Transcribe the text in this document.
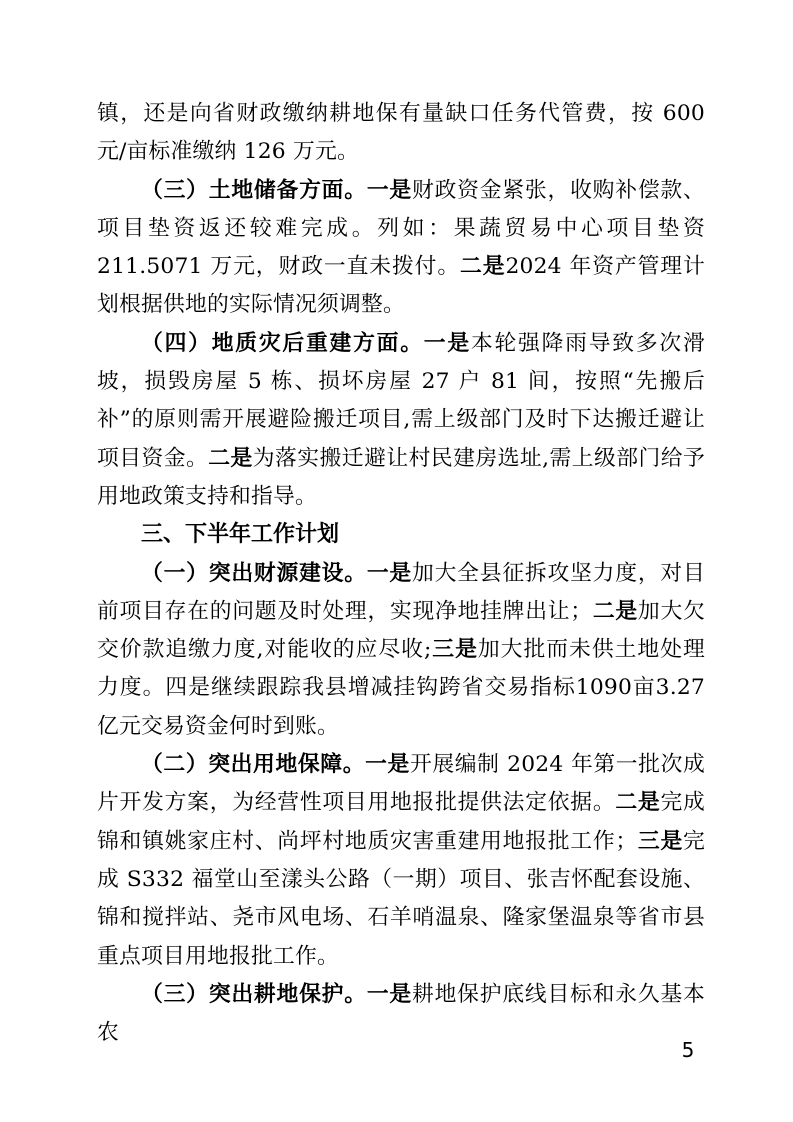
镇，还是向省财政缴纳耕地保有量缺口任务代管费，按 600 元/亩标准缴纳 126 万元。

（三）土地储备方面。一是财政资金紧张，收购补偿款、项目垫资返还较难完成。列如：果蔬贸易中心项目垫资 211.5071 万元，财政一直未拨付。二是2024 年资产管理计划根据供地的实际情况须调整。

（四）地质灾后重建方面。一是本轮强降雨导致多次滑坡，损毁房屋 5 栋、损坏房屋 27 户 81 间，按照“先搬后补”的原则需开展避险搬迁项目,需上级部门及时下达搬迁避让项目资金。二是为落实搬迁避让村民建房选址,需上级部门给予用地政策支持和指导。

三、下半年工作计划

（一）突出财源建设。一是加大全县征拆攻坚力度，对目前项目存在的问题及时处理，实现净地挂牌出让；二是加大欠交价款追缴力度,对能收的应尽收;三是加大批而未供土地处理力度。四是继续跟踪我县增减挂钩跨省交易指标1090亩3.27亿元交易资金何时到账。

（二）突出用地保障。一是开展编制 2024 年第一批次成片开发方案，为经营性项目用地报批提供法定依据。二是完成锦和镇姚家庄村、尚坪村地质灾害重建用地报批工作；三是完成 S332 福堂山至漾头公路（一期）项目、张吉怀配套设施、锦和搅拌站、尧市风电场、石羊哨温泉、隆家堡温泉等省市县重点项目用地报批工作。

（三）突出耕地保护。一是耕地保护底线目标和永久基本农

5
